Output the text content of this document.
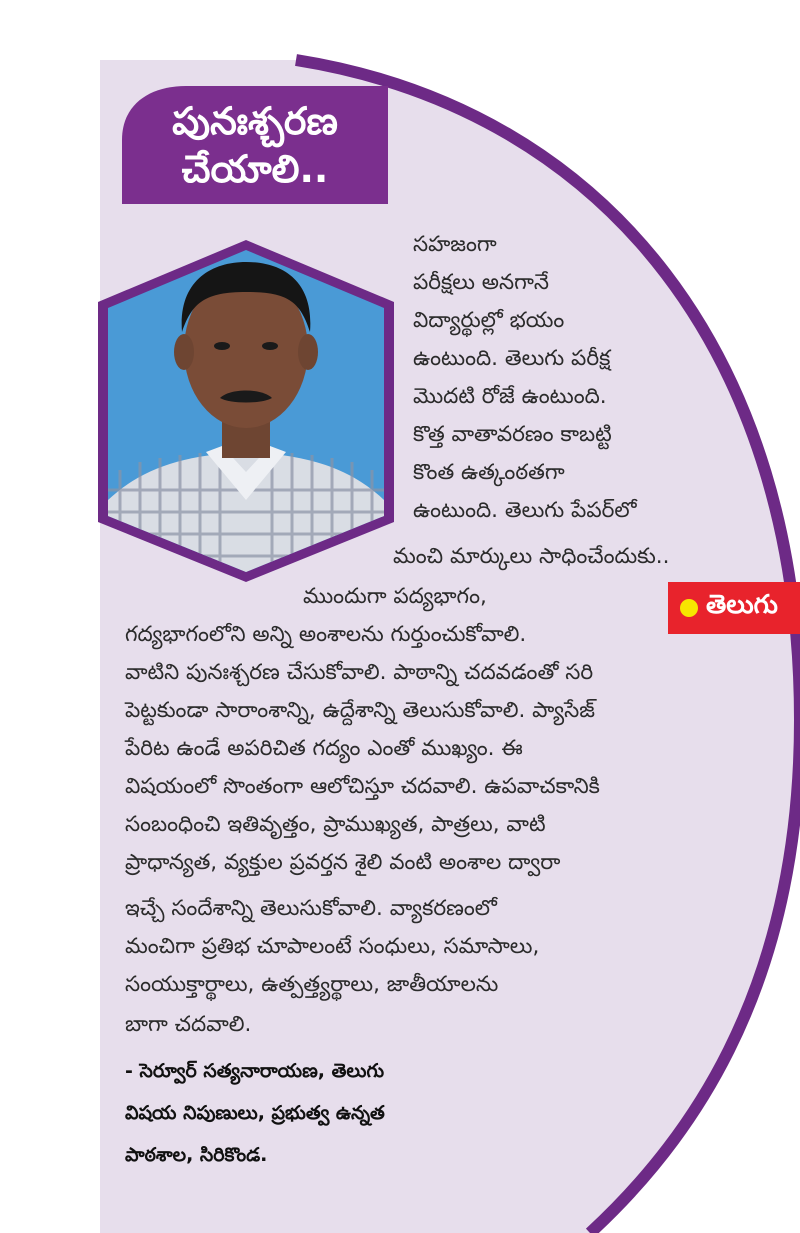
పునఃశ్చరణ
చేయాలి..
సహజంగా
పరీక్షలు అనగానే
విద్యార్థుల్లో భయం
ఉంటుంది. తెలుగు పరీక్ష
మొదటి రోజే ఉంటుంది.
కొత్త వాతావరణం కాబట్టి
కొంత ఉత్కంఠతగా
ఉంటుంది. తెలుగు పేపర్‌లో
మంచి మార్కులు సాధించేందుకు..
ముందుగా పద్యభాగం,
గద్యభాగంలోని అన్ని అంశాలను గుర్తుంచుకోవాలి.
వాటిని పునఃశ్చరణ చేసుకోవాలి. పాఠాన్ని చదవడంతో సరి
పెట్టకుండా సారాంశాన్ని, ఉద్దేశాన్ని తెలుసుకోవాలి. ప్యాసేజ్
పేరిట ఉండే అపరిచిత గద్యం ఎంతో ముఖ్యం. ఈ
విషయంలో సొంతంగా ఆలోచిస్తూ చదవాలి. ఉపవాచకానికి
సంబంధించి ఇతివృత్తం, ప్రాముఖ్యత, పాత్రలు, వాటి
ప్రాధాన్యత, వ్యక్తుల ప్రవర్తన శైలి వంటి అంశాల ద్వారా
ఇచ్చే సందేశాన్ని తెలుసుకోవాలి. వ్యాకరణంలో
మంచిగా ప్రతిభ చూపాలంటే సంధులు, సమాసాలు,
సంయుక్తార్థాలు, ఉత్పత్త్యర్థాలు, జాతీయాలను
బాగా చదవాలి.
- సెర్వూర్ సత్యనారాయణ, తెలుగు
విషయ నిపుణులు, ప్రభుత్వ ఉన్నత
పాఠశాల, సిరికొండ.
తెలుగు
